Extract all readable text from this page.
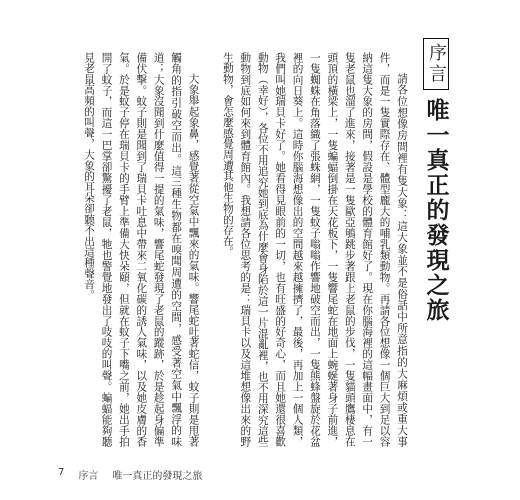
序言
唯一真正的發現之旅

請各位想像房間裡有隻大象：這大象並不是俗話中所意指的大麻煩或重大事件，而是一隻實際存在、體型龐大的哺乳類動物。再請各位想像一個巨大到足以容納這隻大象的房間，假設是學校的體育館好了。現在你腦海裡的這幅畫面中，有一隻老鼠也溜了進來，接著是一隻歐亞鴝跳步著跟上老鼠的步伐，一隻貓頭鷹棲息在頭頂的橫梁上，一隻蝙蝠倒掛在天花板下，一隻響尾蛇在地面上蜿蜒著身子前進，一隻蜘蛛在角落織了張蛛網，一隻蚊子嗡嗡作響地破空而出，一隻熊蜂盤旋於花盆裡的向日葵上。這時你腦海想像出的空間越來越擁擠了，最後，再加上一個人類，我們叫她瑞貝卡好了。她看得見眼前的一切，也有旺盛的好奇心，而且她還很喜歡動物（幸好），各位不用追究她到底為什麼會身陷於這一片混亂裡，也不用深究這些動物到底如何來到體育館內。我想請各位思考的是：瑞貝卡以及這堆想像出來的野生動物，會怎麼感覺周遭其他生物的存在。

大象舉起象鼻，感覺著從空氣中飄來的氣味。響尾蛇吐著蛇信，蚊子則是甩著觸角的指引破空而出。這三種生物都在嗅聞周遭的空間，感受著空氣中飄浮的味道；大象沒聞到什麼值得一提的氣味，響尾蛇發現了老鼠的蹤跡，於是趁起身偏準備伏擊。蚊子則是聞到了瑞貝卡吐息中帶來二氧化碳的誘人氣味，以及她皮膚的香氣。於是蚊子停在瑞貝卡的手臂上準備大快朵頤，但就在蚊子下嘴之前，她出手拍開了蚊子，而這一巴掌卻驚擾了老鼠，牠也警覺地發出了吱吱的叫聲。蝙蝠能夠聽見老鼠高頻的叫聲，大象的耳朵卻聽不出這種聲音。

7 序言 唯一真正的發現之旅
